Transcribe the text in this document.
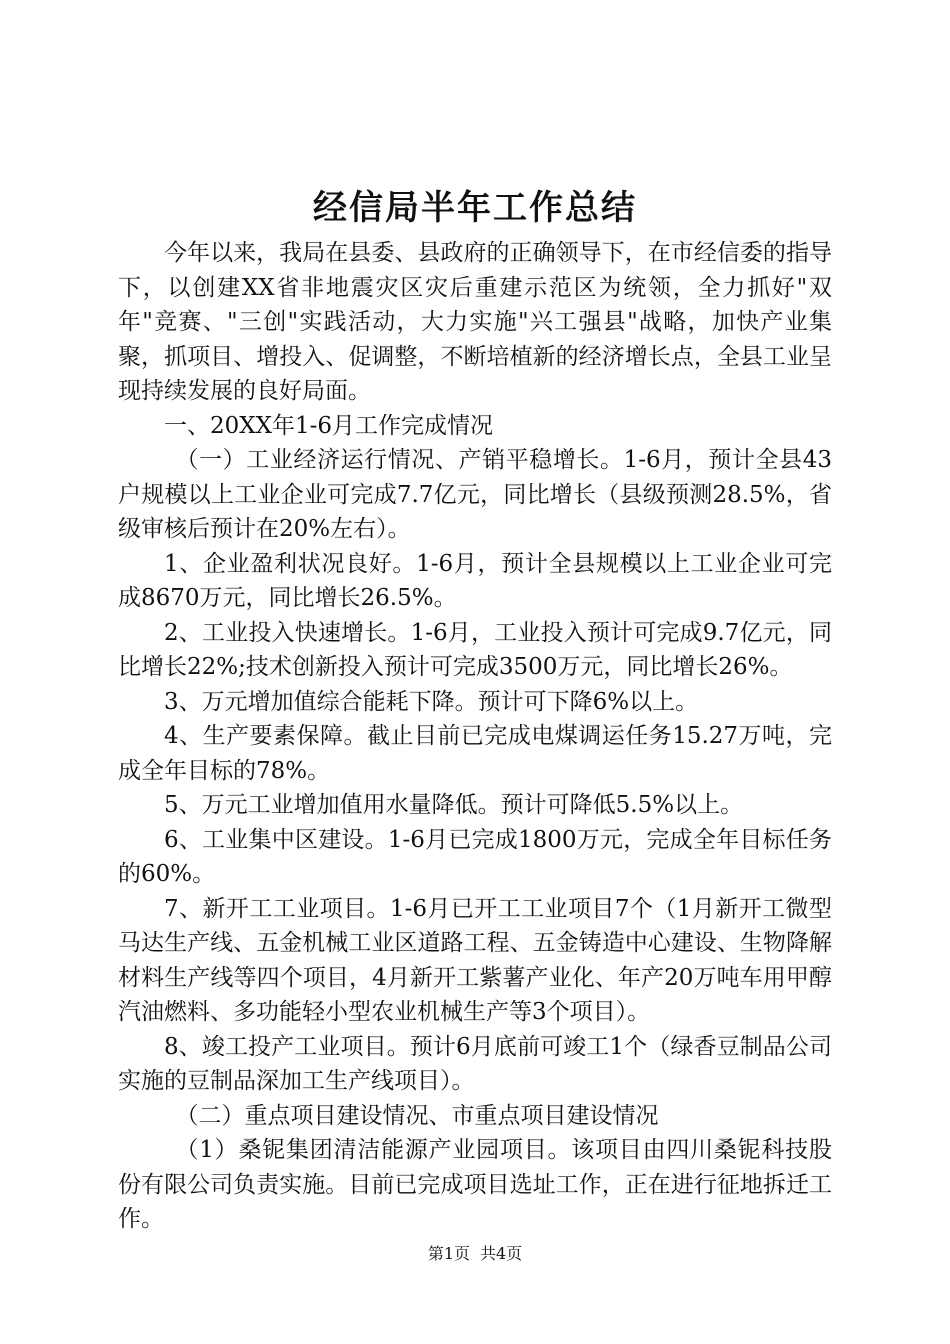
经信局半年工作总结

今年以来，我局在县委、县政府的正确领导下，在市经信委的指导下，以创建XX省非地震灾区灾后重建示范区为统领，全力抓好"双年"竞赛、"三创"实践活动，大力实施"兴工强县"战略，加快产业集聚，抓项目、增投入、促调整，不断培植新的经济增长点，全县工业呈现持续发展的良好局面。

一、20XX年1-6月工作完成情况

（一）工业经济运行情况、产销平稳增长。1-6月，预计全县43户规模以上工业企业可完成7.7亿元，同比增长（县级预测28.5%，省级审核后预计在20%左右）。

1、企业盈利状况良好。1-6月，预计全县规模以上工业企业可完成8670万元，同比增长26.5%。

2、工业投入快速增长。1-6月，工业投入预计可完成9.7亿元，同比增长22%;技术创新投入预计可完成3500万元，同比增长26%。

3、万元增加值综合能耗下降。预计可下降6%以上。

4、生产要素保障。截止目前已完成电煤调运任务15.27万吨，完成全年目标的78%。

5、万元工业增加值用水量降低。预计可降低5.5%以上。

6、工业集中区建设。1-6月已完成1800万元，完成全年目标任务的60%。

7、新开工工业项目。1-6月已开工工业项目7个（1月新开工微型马达生产线、五金机械工业区道路工程、五金铸造中心建设、生物降解材料生产线等四个项目，4月新开工紫薯产业化、年产20万吨车用甲醇汽油燃料、多功能轻小型农业机械生产等3个项目）。

8、竣工投产工业项目。预计6月底前可竣工1个（绿香豆制品公司实施的豆制品深加工生产线项目）。

（二）重点项目建设情况、市重点项目建设情况

（1）桑铌集团清洁能源产业园项目。该项目由四川桑铌科技股份有限公司负责实施。目前已完成项目选址工作，正在进行征地拆迁工作。

第1页 共4页
